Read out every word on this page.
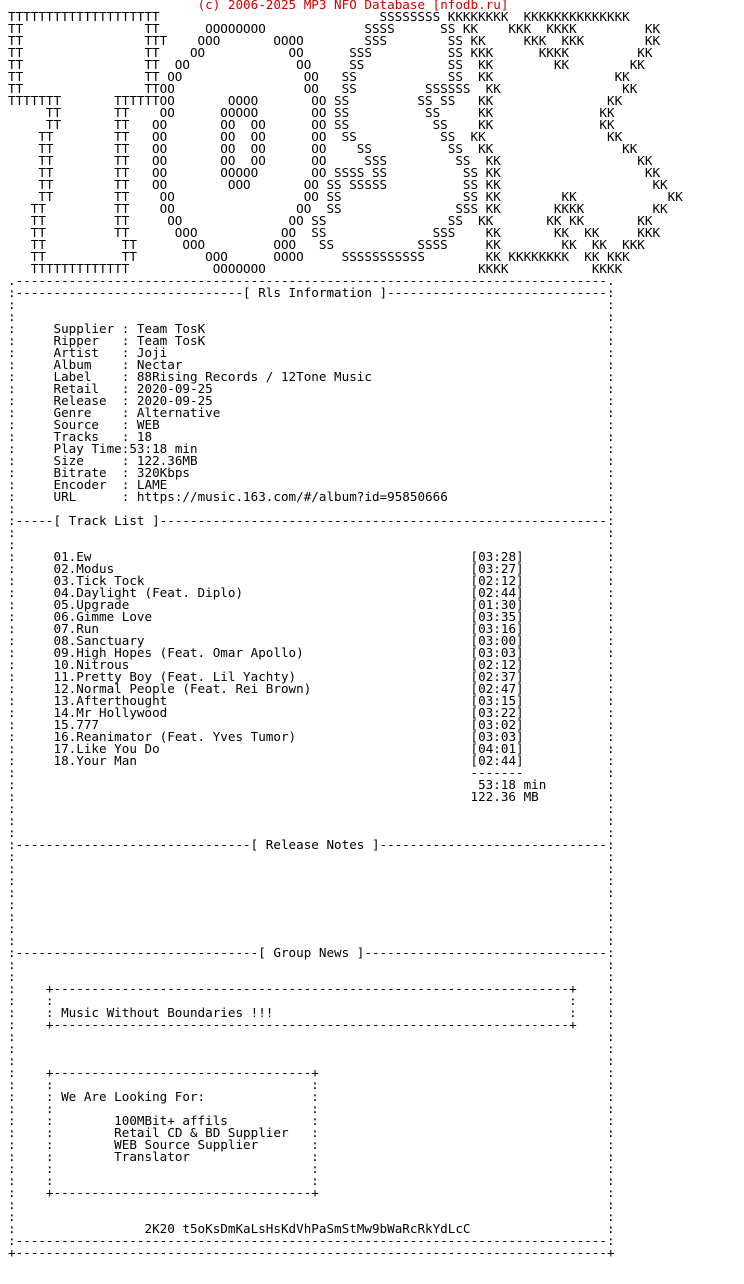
(c) 2006-2025 MP3 NFO Database [nfodb.ru]
TTTTTTTTTTTTTTTTTTTT                             SSSSSSSS KKKKKKKK  KKKKKKKKKKKKKK
TT                TT      OOOOOOOO             SSSS      SS KK    KKK  KKKK         KK
TT                TTT    OOO       OOOO        SSS        SS KK     KKK  KKK        KK
TT                TT    OO           OO      SSS          SS KKK      KKKK         KK
TT                TT  OO              OO     SS           SS  KK        KK        KK
TT                TT OO                OO   SS            SS  KK                KK
TT                TTOO                 OO   SS         SSSSSS  KK                KK
TTTTTTT       TTTTTTOO       OOOO       OO SS         SS SS   KK               KK
TT       TT    OO      OOOOO       OO SS          SS     KK              KK
TT       TT   OO       OO  OO      OO SS           SS    KK              KK
TT        TT   OO       OO  OO      OO  SS           SS  KK                KK
TT        TT   OO       OO  OO      OO    SS          SS  KK                 KK
TT        TT   OO       OO  OO      OO     SSS         SS  KK                  KK
TT        TT   OO       OOOOO       OO SSSS SS          SS KK                   KK
TT        TT   OO        OOO       OO SS SSSSS          SS KK                    KK
TT        TT    OO                 OO SS                SS KK        KK            KK
TT         TT    OO                OO  SS               SSS KK       KKKK         KK
TT         TT     OO              OO SS                SS  KK       KK KK       KK
TT         TT      OOO           OO  SS              SSS    KK       KK  KK     KKK
TT          TT      OOO         OOO   SS           SSSS     KK        KK  KK  KKK
TT          TT         OOO      OOOO     SSSSSSSSSSS        KK KKKKKKKK  KK KKK
TTTTTTTTTTTTT           OOOOOOO                            KKKK           KKKK
.------------------------------------------------------------------------------.
:------------------------------[ Rls Information ]-----------------------------:
:                                                                              :
:                                                                              :
:     Supplier : Team TosK                                                     :
:     Ripper   : Team TosK                                                     :
:     Artist   : Joji                                                          :
:     Album    : Nectar                                                        :
:     Label    : 88Rising Records / 12Tone Music                               :
:     Retail   : 2020-09-25                                                    :
:     Release  : 2020-09-25                                                    :
:     Genre    : Alternative                                                   :
:     Source   : WEB                                                           :
:     Tracks   : 18                                                            :
:     Play Time:53:18 min                                                      :
:     Size     : 122.36MB                                                      :
:     Bitrate  : 320Kbps                                                       :
:     Encoder  : LAME                                                          :
:     URL      : https://music.163.com/#/album?id=95850666                     :
:                                                                              :
:-----[ Track List ]-----------------------------------------------------------:
:                                                                              :
:                                                                              :
:     01.Ew	[03:28]           :
:     02.Modus	[03:27]           :
:     03.Tick Tock	[02:12]           :
:     04.Daylight (Feat. Diplo)	[02:44]           :
:     05.Upgrade	[01:30]           :
:     06.Gimme Love	[03:35]           :
:     07.Run	[03:16]           :
:     08.Sanctuary	[03:00]           :
:     09.High Hopes (Feat. Omar Apollo)	[03:03]           :
:     10.Nitrous	[02:12]           :
:     11.Pretty Boy (Feat. Lil Yachty)	[02:37]           :
:     12.Normal People (Feat. Rei Brown)	[02:47]           :
:     13.Afterthought	[03:15]           :
:     14.Mr Hollywood	[03:22]           :
:     15.777	[03:02]           :
:     16.Reanimator (Feat. Yves Tumor)	[03:03]           :
:     17.Like You Do	[04:01]           :
:     18.Your Man	[02:44]           :
:                                                            -------           :
:                                                             53:18 min        :
:                                                            122.36 MB         :
:                                                                              :
:                                                                              :
:                                                                              :
:-------------------------------[ Release Notes ]------------------------------:
:                                                                              :
:                                                                              :
:                                                                              :
:                                                                              :
:                                                                              :
:                                                                              :
:                                                                              :
:                                                                              :
:--------------------------------[ Group News ]--------------------------------:
:                                                                              :
:                                                                              :
:    +--------------------------------------------------------------------+    :
:    :                                                                    :    :
:    : Music Without Boundaries !!!                                       :    :
:    +--------------------------------------------------------------------+    :
:                                                                              :
:                                                                              :
:                                                                              :
:    +----------------------------------+                                      :
:    :                                  :                                      :
:    : We Are Looking For:              :                                      :
:    :                                  :                                      :
:    :        100MBit+ affils           :                                      :
:    :        Retail CD & BD Supplier   :                                      :
:    :        WEB Source Supplier       :                                      :
:    :        Translator                :                                      :
:    :                                  :                                      :
:    :                                  :                                      :
:    +----------------------------------+                                      :
:                                                                              :
:                                                                              :
:                 2K20 t5oKsDmKaLsHsKdVhPaSmStMw9bWaRcRkYdLcC                  :
:------------------------------------------------------------------------------:
+------------------------------------------------------------------------------+
